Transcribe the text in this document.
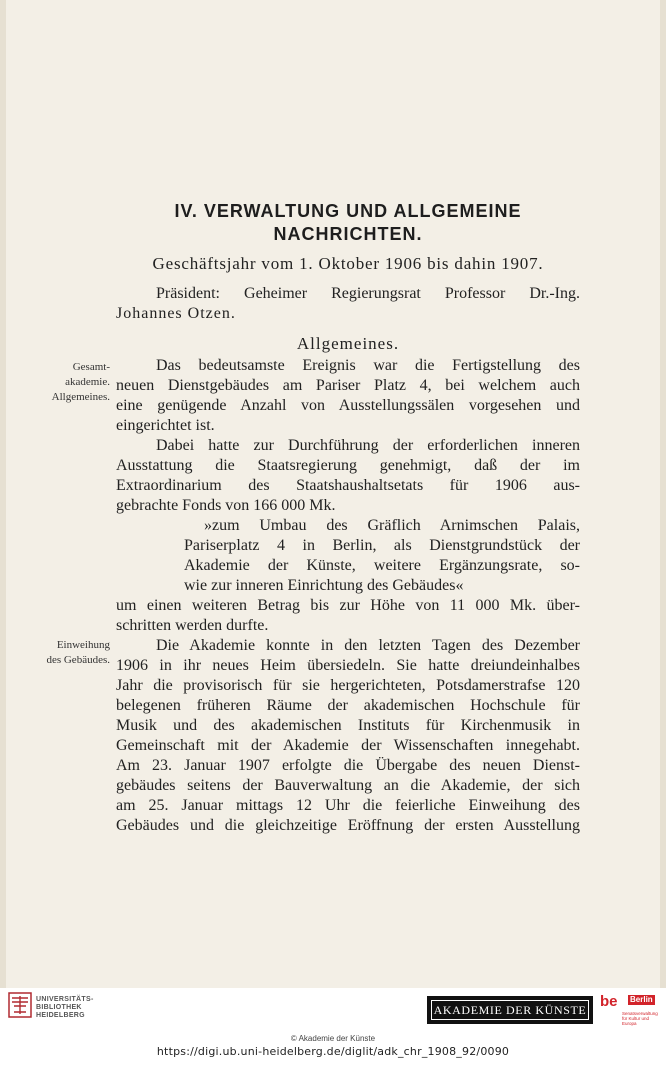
IV. VERWALTUNG UND ALLGEMEINE
NACHRICHTEN.
Geschäftsjahr vom 1. Oktober 1906 bis dahin 1907.
Präsident: Geheimer Regierungsrat Professor Dr.-Ing.
Johannes Otzen.
Allgemeines.
Gesamt-
akademie.
Allgemeines.
Einweihung
des Gebäudes.
Das bedeutsamste Ereignis war die Fertigstellung des
neuen Dienstgebäudes am Pariser Platz 4, bei welchem auch
eine genügende Anzahl von Ausstellungssälen vorgesehen und
eingerichtet ist.
Dabei hatte zur Durchführung der erforderlichen inneren
Ausstattung die Staatsregierung genehmigt, daß der im
Extraordinarium des Staatshaushaltsetats für 1906 aus-
gebrachte Fonds von 166 000 Mk.
»zum Umbau des Gräflich Arnimschen Palais,
Pariserplatz 4 in Berlin, als Dienstgrundstück der
Akademie der Künste, weitere Ergänzungsrate, so-
wie zur inneren Einrichtung des Gebäudes«
um einen weiteren Betrag bis zur Höhe von 11 000 Mk. über-
schritten werden durfte.
Die Akademie konnte in den letzten Tagen des Dezember
1906 in ihr neues Heim übersiedeln. Sie hatte dreiundeinhalbes
Jahr die provisorisch für sie hergerichteten, Potsdamerstrafse 120
belegenen früheren Räume der akademischen Hochschule für
Musik und des akademischen Instituts für Kirchenmusik in
Gemeinschaft mit der Akademie der Wissenschaften innegehabt.
Am 23. Januar 1907 erfolgte die Übergabe des neuen Dienst-
gebäudes seitens der Bauverwaltung an die Akademie, der sich
am 25. Januar mittags 12 Uhr die feierliche Einweihung des
Gebäudes und die gleichzeitige Eröffnung der ersten Ausstellung
UNIVERSITÄTS-
BIBLIOTHEK
HEIDELBERG	AKADEMIE DER KÜNSTE be Berlin
Senatsverwaltung für Kultur und Europa
© Akademie der Künste
https://digi.ub.uni-heidelberg.de/diglit/adk_chr_1908_92/0090
